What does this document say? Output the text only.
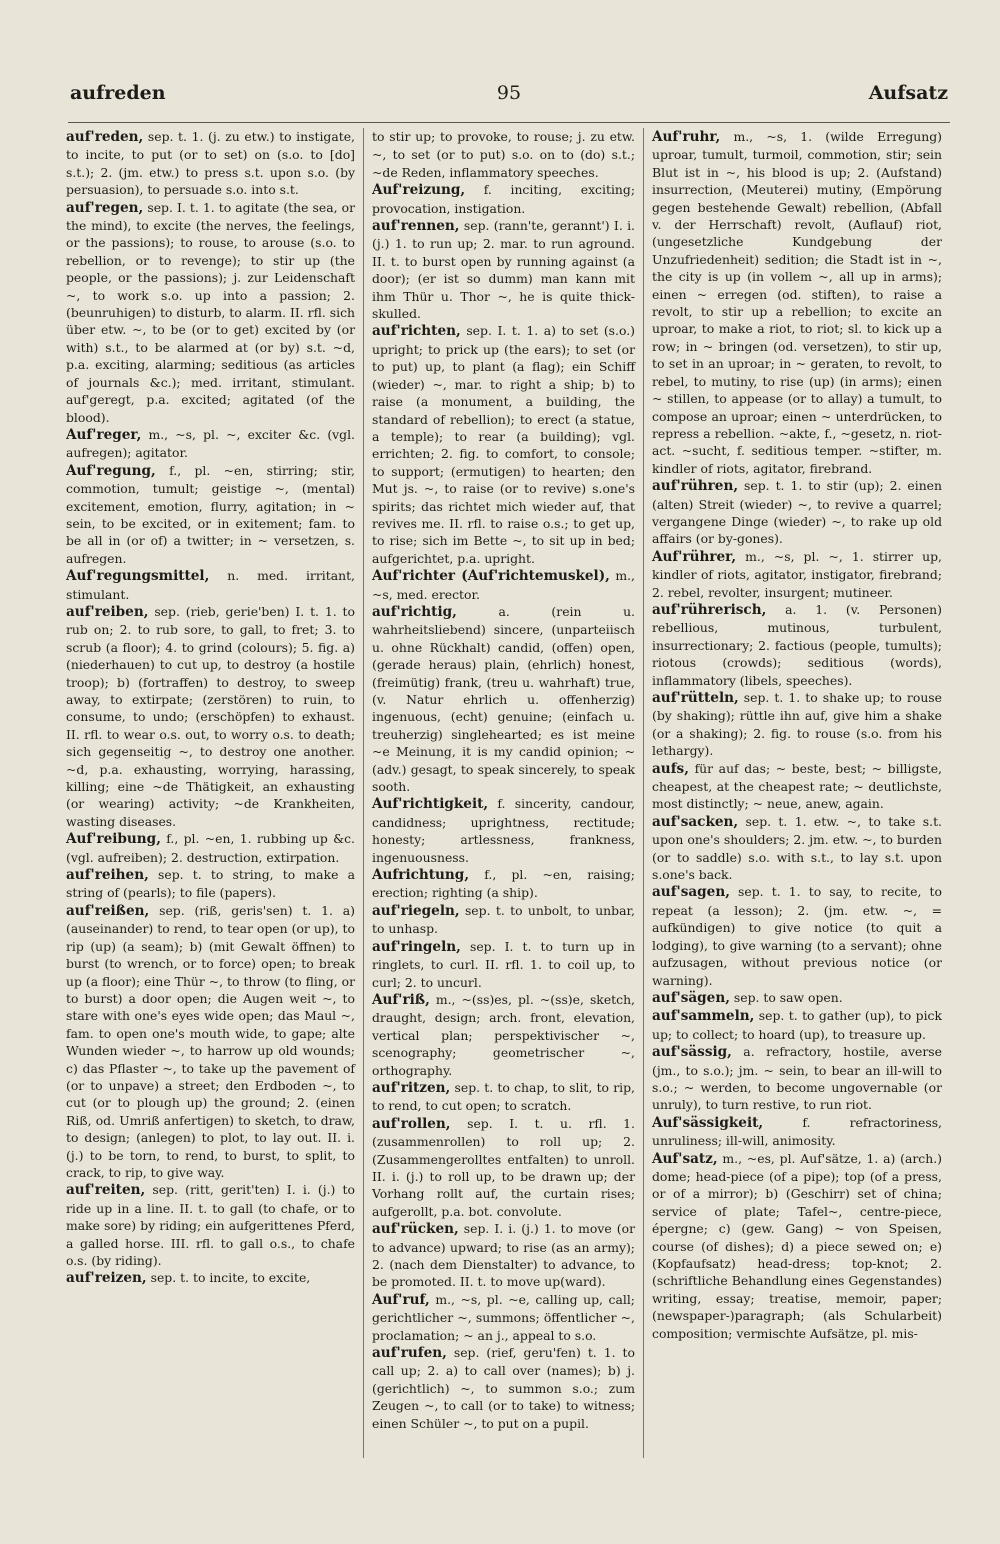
aufreden	95	Aufsatz

auf'reden, sep. t. 1. (j. zu etw.) to instigate, to incite, to put (or to set) on (s.o. to [do] s.t.); 2. (jm. etw.) to press s.t. upon s.o. (by persuasion), to persuade s.o. into s.t.

auf'regen, sep. I. t. 1. to agitate (the sea, or the mind), to excite (the nerves, the feelings, or the passions); to rouse, to arouse (s.o. to rebellion, or to revenge); to stir up (the people, or the passions); j. zur Leidenschaft ~, to work s.o. up into a passion; 2. (beunruhigen) to disturb, to alarm. II. rfl. sich über etw. ~, to be (or to get) excited by (or with) s.t., to be alarmed at (or by) s.t. ~d, p.a. exciting, alarming; seditious (as articles of journals &c.); med. irritant, stimulant. auf'geregt, p.a. excited; agitated (of the blood).

Auf'reger, m., ~s, pl. ~, exciter &c. (vgl. aufregen); agitator.

Auf'regung, f., pl. ~en, stirring; stir, commotion, tumult; geistige ~, (mental) excitement, emotion, flurry, agitation; in ~ sein, to be excited, or in exitement; fam. to be all in (or of) a twitter; in ~ versetzen, s. aufregen.

Auf'regungsmittel, n. med. irritant, stimulant.

auf'reiben, sep. (rieb, gerie'ben) I. t. 1. to rub on; 2. to rub sore, to gall, to fret; 3. to scrub (a floor); 4. to grind (colours); 5. fig. a) (niederhauen) to cut up, to destroy (a hostile troop); b) (fortraffen) to destroy, to sweep away, to extirpate; (zerstören) to ruin, to consume, to undo; (erschöpfen) to exhaust. II. rfl. to wear o.s. out, to worry o.s. to death; sich gegenseitig ~, to destroy one another. ~d, p.a. exhausting, worrying, harassing, killing; eine ~de Thätigkeit, an exhausting (or wearing) activity; ~de Krankheiten, wasting diseases.

Auf'reibung, f., pl. ~en, 1. rubbing up &c. (vgl. aufreiben); 2. destruction, extirpation.

auf'reihen, sep. t. to string, to make a string of (pearls); to file (papers).

auf'reißen, sep. (riß, geris'sen) t. 1. a) (auseinander) to rend, to tear open (or up), to rip (up) (a seam); b) (mit Gewalt öffnen) to burst (to wrench, or to force) open; to break up (a floor); eine Thür ~, to throw (to fling, or to burst) a door open; die Augen weit ~, to stare with one's eyes wide open; das Maul ~, fam. to open one's mouth wide, to gape; alte Wunden wieder ~, to harrow up old wounds; c) das Pflaster ~, to take up the pavement of (or to unpave) a street; den Erdboden ~, to cut (or to plough up) the ground; 2. (einen Riß, od. Umriß anfertigen) to sketch, to draw, to design; (anlegen) to plot, to lay out. II. i. (j.) to be torn, to rend, to burst, to split, to crack, to rip, to give way.

auf'reiten, sep. (ritt, gerit'ten) I. i. (j.) to ride up in a line. II. t. to gall (to chafe, or to make sore) by riding; ein aufgerittenes Pferd, a galled horse. III. rfl. to gall o.s., to chafe o.s. (by riding).

auf'reizen, sep. t. to incite, to excite,

to stir up; to provoke, to rouse; j. zu etw. ~, to set (or to put) s.o. on to (do) s.t.; ~de Reden, inflammatory speeches.

Auf'reizung, f. inciting, exciting; provocation, instigation.

auf'rennen, sep. (rann'te, gerannt') I. i. (j.) 1. to run up; 2. mar. to run aground. II. t. to burst open by running against (a door); (er ist so dumm) man kann mit ihm Thür u. Thor ~, he is quite thick-skulled.

auf'richten, sep. I. t. 1. a) to set (s.o.) upright; to prick up (the ears); to set (or to put) up, to plant (a flag); ein Schiff (wieder) ~, mar. to right a ship; b) to raise (a monument, a building, the standard of rebellion); to erect (a statue, a temple); to rear (a building); vgl. errichten; 2. fig. to comfort, to console; to support; (ermutigen) to hearten; den Mut js. ~, to raise (or to revive) s.one's spirits; das richtet mich wieder auf, that revives me. II. rfl. to raise o.s.; to get up, to rise; sich im Bette ~, to sit up in bed; aufgerichtet, p.a. upright.

Auf'richter (Auf'richtemuskel), m., ~s, med. erector.

auf'richtig, a. (rein u. wahrheitsliebend) sincere, (unparteiisch u. ohne Rückhalt) candid, (offen) open, (gerade heraus) plain, (ehrlich) honest, (freimütig) frank, (treu u. wahrhaft) true, (v. Natur ehrlich u. offenherzig) ingenuous, (echt) genuine; (einfach u. treuherzig) singlehearted; es ist meine ~e Meinung, it is my candid opinion; ~ (adv.) gesagt, to speak sincerely, to speak sooth.

Auf'richtigkeit, f. sincerity, candour, candidness; uprightness, rectitude; honesty; artlessness, frankness, ingenuousness.

Aufrichtung, f., pl. ~en, raising; erection; righting (a ship).

auf'riegeln, sep. t. to unbolt, to unbar, to unhasp.

auf'ringeln, sep. I. t. to turn up in ringlets, to curl. II. rfl. 1. to coil up, to curl; 2. to uncurl.

Auf'riß, m., ~(ss)es, pl. ~(ss)e, sketch, draught, design; arch. front, elevation, vertical plan; perspektivischer ~, scenography; geometrischer ~, orthography.

auf'ritzen, sep. t. to chap, to slit, to rip, to rend, to cut open; to scratch.

auf'rollen, sep. I. t. u. rfl. 1. (zusammenrollen) to roll up; 2. (Zusammengerolltes entfalten) to unroll. II. i. (j.) to roll up, to be drawn up; der Vorhang rollt auf, the curtain rises; aufgerollt, p.a. bot. convolute.

auf'rücken, sep. I. i. (j.) 1. to move (or to advance) upward; to rise (as an army); 2. (nach dem Dienstalter) to advance, to be promoted. II. t. to move up(ward).

Auf'ruf, m., ~s, pl. ~e, calling up, call; gerichtlicher ~, summons; öffentlicher ~, proclamation; ~ an j., appeal to s.o.

auf'rufen, sep. (rief, geru'fen) t. 1. to call up; 2. a) to call over (names); b) j. (gerichtlich) ~, to summon s.o.; zum Zeugen ~, to call (or to take) to witness; einen Schüler ~, to put on a pupil.

Auf'ruhr, m., ~s, 1. (wilde Erregung) uproar, tumult, turmoil, commotion, stir; sein Blut ist in ~, his blood is up; 2. (Aufstand) insurrection, (Meuterei) mutiny, (Empörung gegen bestehende Gewalt) rebellion, (Abfall v. der Herrschaft) revolt, (Auflauf) riot, (ungesetzliche Kundgebung der Unzufriedenheit) sedition; die Stadt ist in ~, the city is up (in vollem ~, all up in arms); einen ~ erregen (od. stiften), to raise a revolt, to stir up a rebellion; to excite an uproar, to make a riot, to riot; sl. to kick up a row; in ~ bringen (od. versetzen), to stir up, to set in an uproar; in ~ geraten, to revolt, to rebel, to mutiny, to rise (up) (in arms); einen ~ stillen, to appease (or to allay) a tumult, to compose an uproar; einen ~ unterdrücken, to repress a rebellion. ~akte, f., ~gesetz, n. riot-act. ~sucht, f. seditious temper. ~stifter, m. kindler of riots, agitator, firebrand.

auf'rühren, sep. t. 1. to stir (up); 2. einen (alten) Streit (wieder) ~, to revive a quarrel; vergangene Dinge (wieder) ~, to rake up old affairs (or by-gones).

Auf'rührer, m., ~s, pl. ~, 1. stirrer up, kindler of riots, agitator, instigator, firebrand; 2. rebel, revolter, insurgent; mutineer.

auf'rührerisch, a. 1. (v. Personen) rebellious, mutinous, turbulent, insurrectionary; 2. factious (people, tumults); riotous (crowds); seditious (words), inflammatory (libels, speeches).

auf'rütteln, sep. t. 1. to shake up; to rouse (by shaking); rüttle ihn auf, give him a shake (or a shaking); 2. fig. to rouse (s.o. from his lethargy).

aufs, für auf das; ~ beste, best; ~ billigste, cheapest, at the cheapest rate; ~ deutlichste, most distinctly; ~ neue, anew, again.

auf'sacken, sep. t. 1. etw. ~, to take s.t. upon one's shoulders; 2. jm. etw. ~, to burden (or to saddle) s.o. with s.t., to lay s.t. upon s.one's back.

auf'sagen, sep. t. 1. to say, to recite, to repeat (a lesson); 2. (jm. etw. ~, = aufkündigen) to give notice (to quit a lodging), to give warning (to a servant); ohne aufzusagen, without previous notice (or warning).

auf'sägen, sep. to saw open.

auf'sammeln, sep. t. to gather (up), to pick up; to collect; to hoard (up), to treasure up.

auf'sässig, a. refractory, hostile, averse (jm., to s.o.); jm. ~ sein, to bear an ill-will to s.o.; ~ werden, to become ungovernable (or unruly), to turn restive, to run riot.

Auf'sässigkeit, f. refractoriness, unruliness; ill-will, animosity.

Auf'satz, m., ~es, pl. Auf'sätze, 1. a) (arch.) dome; head-piece (of a pipe); top (of a press, or of a mirror); b) (Geschirr) set of china; service of plate; Tafel~, centre-piece, épergne; c) (gew. Gang) ~ von Speisen, course (of dishes); d) a piece sewed on; e) (Kopfaufsatz) head-dress; top-knot; 2. (schriftliche Behandlung eines Gegenstandes) writing, essay; treatise, memoir, paper; (newspaper-)paragraph; (als Schularbeit) composition; vermischte Aufsätze, pl. mis-
